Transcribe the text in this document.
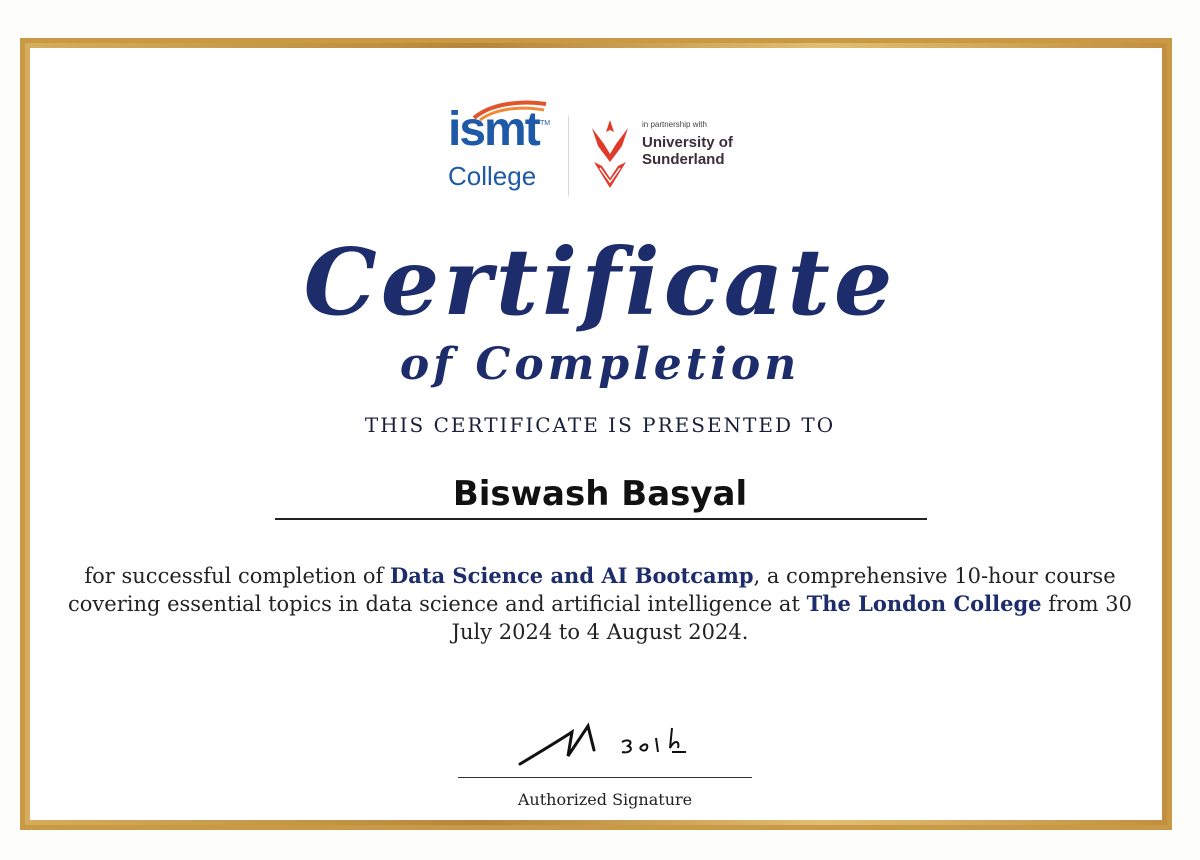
ismt TM
College
in partnership with
University of
Sunderland
Certificate
of Completion
THIS CERTIFICATE IS PRESENTED TO
Biswash Basyal
for successful completion of Data Science and AI Bootcamp, a comprehensive 10-hour course covering essential topics in data science and artificial intelligence at The London College from 30 July 2024 to 4 August 2024.
Authorized Signature
